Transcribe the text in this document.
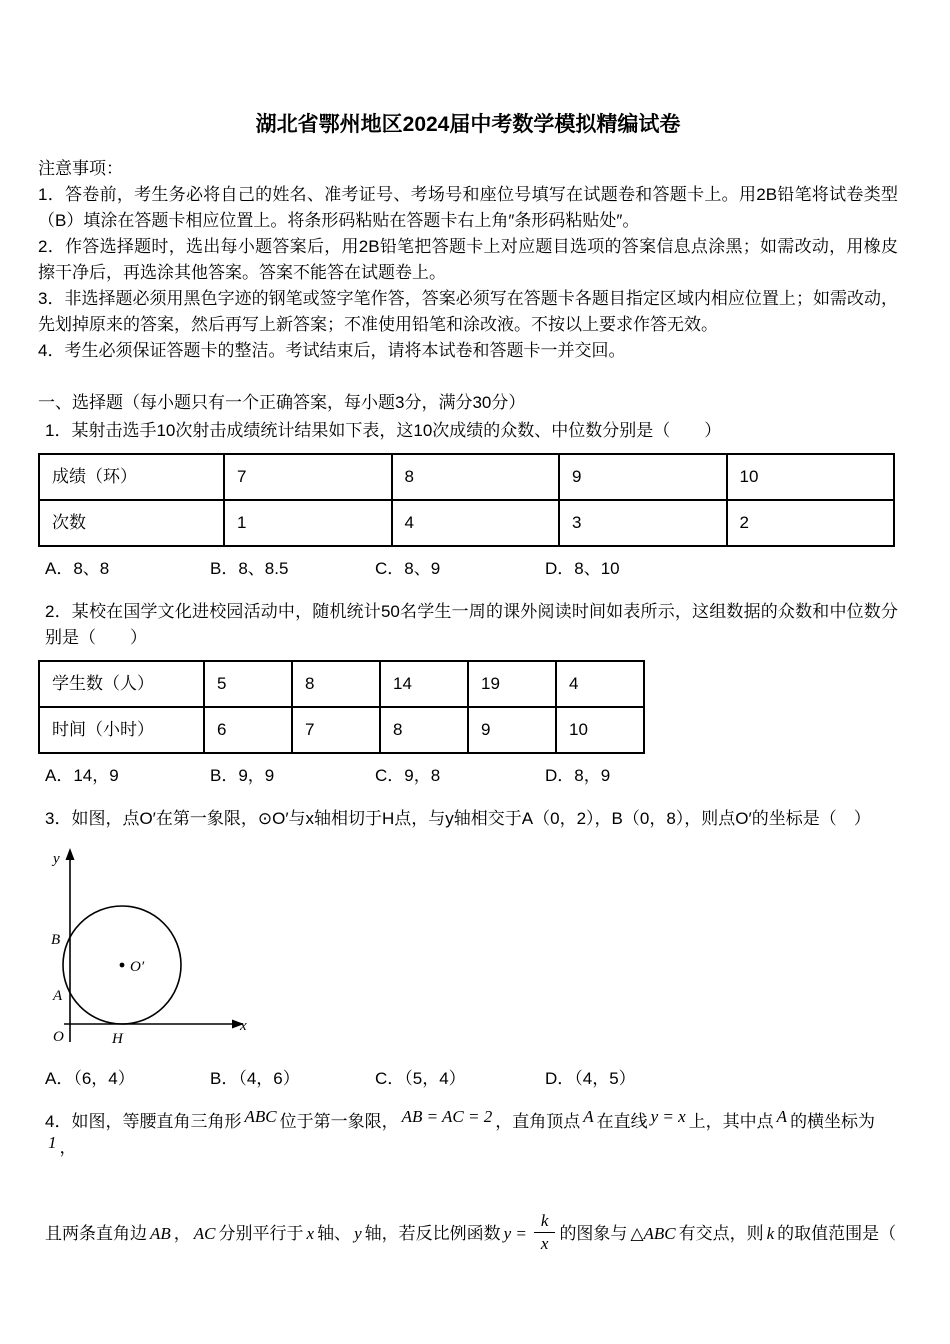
湖北省鄂州地区2024届中考数学模拟精编试卷

注意事项：

1．答卷前，考生务必将自己的姓名、准考证号、考场号和座位号填写在试题卷和答题卡上。用2B铅笔将试卷类型（B）填涂在答题卡相应位置上。将条形码粘贴在答题卡右上角″条形码粘贴处″。

2．作答选择题时，选出每小题答案后，用2B铅笔把答题卡上对应题目选项的答案信息点涂黑；如需改动，用橡皮擦干净后，再选涂其他答案。答案不能答在试题卷上。

3．非选择题必须用黑色字迹的钢笔或签字笔作答，答案必须写在答题卡各题目指定区域内相应位置上；如需改动，先划掉原来的答案，然后再写上新答案；不准使用铅笔和涂改液。不按以上要求作答无效。

4．考生必须保证答题卡的整洁。考试结束后，请将本试卷和答题卡一并交回。

一、选择题（每小题只有一个正确答案，每小题3分，满分30分）

1．某射击选手10次射击成绩统计结果如下表，这10次成绩的众数、中位数分别是（　　）

成绩（环）	7	8	9	10
次数	1	4	3	2
A．8、8	B．8、8.5	C．8、9	D．8、10

2．某校在国学文化进校园活动中，随机统计50名学生一周的课外阅读时间如表所示，这组数据的众数和中位数分别是（　　）

学生数（人）	5	8	14	19	4
时间（小时）	6	7	8	9	10
A．14，9	B．9，9	C．9，8	D．8，9

3．如图，点O′在第一象限，⊙O′与x轴相切于H点，与y轴相交于A（0，2），B（0，8），则点O′的坐标是（　）

y
x
B
A
O	H
O′
A．（6，4）	B．（4，6）	C．（5，4）	D．（4，5）

4．如图，等腰直角三角形 ABC 位于第一象限， AB = AC = 2 ，直角顶点 A 在直线 y = x 上，其中点 A 的横坐标为1 ，

且两条直角边 AB ， AC 分别平行于 x 轴、 y 轴，若反比例函数 $y = \frac{k}{x}$ 的图象与 △ABC 有交点，则 k 的取值范围是（
